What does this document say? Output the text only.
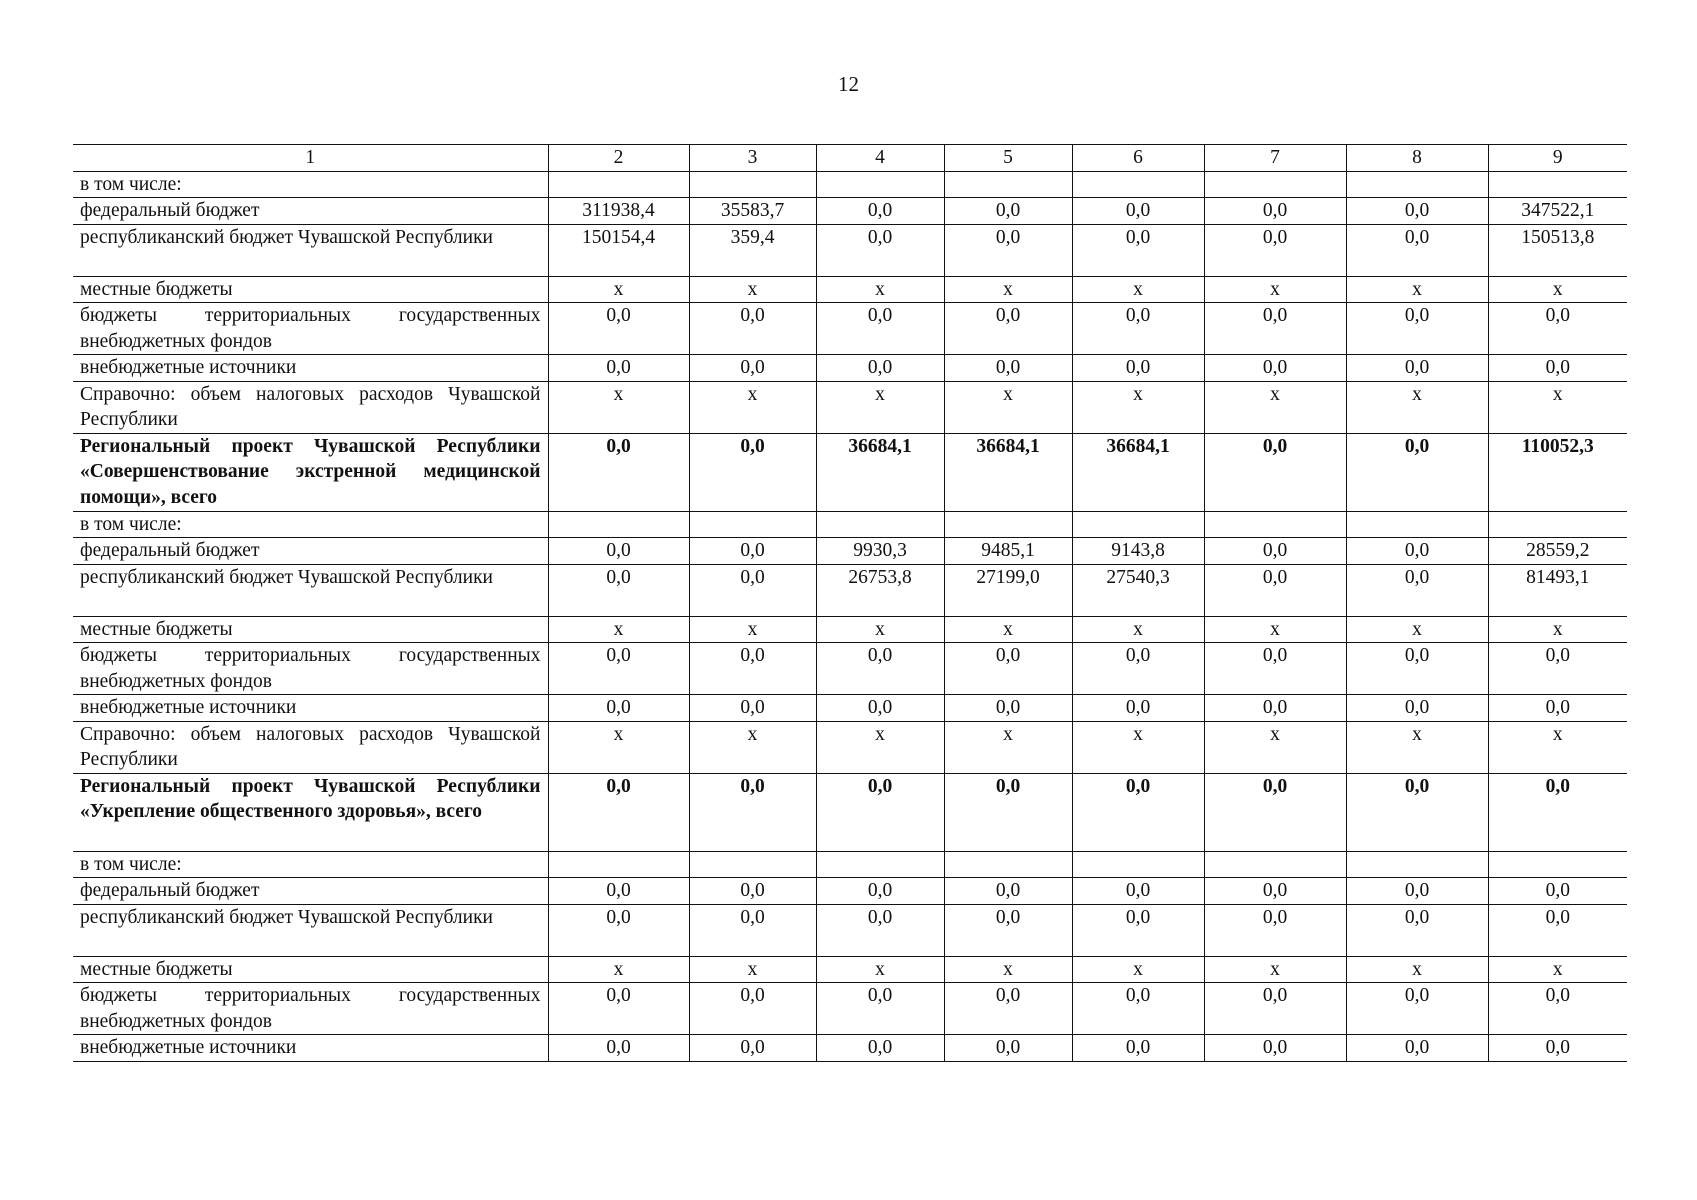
12
1	2	3	4	5	6	7	8	9
в том числе:								
федеральный бюджет	311938,4	35583,7	0,0	0,0	0,0	0,0	0,0	347522,1
республиканский бюджет Чувашской Республики	150154,4	359,4	0,0	0,0	0,0	0,0	0,0	150513,8
местные бюджеты	х	х	х	х	х	х	х	х
бюджеты территориальных государственных внебюджетных фондов	0,0	0,0	0,0	0,0	0,0	0,0	0,0	0,0
внебюджетные источники	0,0	0,0	0,0	0,0	0,0	0,0	0,0	0,0
Справочно: объем налоговых расходов Чувашской Республики	х	х	х	х	х	х	х	х
Региональный проект Чувашской Республики «Совершенствование экстренной медицинской помощи», всего	0,0	0,0	36684,1	36684,1	36684,1	0,0	0,0	110052,3
в том числе:								
федеральный бюджет	0,0	0,0	9930,3	9485,1	9143,8	0,0	0,0	28559,2
республиканский бюджет Чувашской Республики	0,0	0,0	26753,8	27199,0	27540,3	0,0	0,0	81493,1
местные бюджеты	х	х	х	х	х	х	х	х
бюджеты территориальных государственных внебюджетных фондов	0,0	0,0	0,0	0,0	0,0	0,0	0,0	0,0
внебюджетные источники	0,0	0,0	0,0	0,0	0,0	0,0	0,0	0,0
Справочно: объем налоговых расходов Чувашской Республики	х	х	х	х	х	х	х	х
Региональный проект Чувашской Республики «Укрепление общественного здоровья», всего	0,0	0,0	0,0	0,0	0,0	0,0	0,0	0,0
в том числе:								
федеральный бюджет	0,0	0,0	0,0	0,0	0,0	0,0	0,0	0,0
республиканский бюджет Чувашской Республики	0,0	0,0	0,0	0,0	0,0	0,0	0,0	0,0
местные бюджеты	х	х	х	х	х	х	х	х
бюджеты территориальных государственных внебюджетных фондов	0,0	0,0	0,0	0,0	0,0	0,0	0,0	0,0
внебюджетные источники	0,0	0,0	0,0	0,0	0,0	0,0	0,0	0,0
